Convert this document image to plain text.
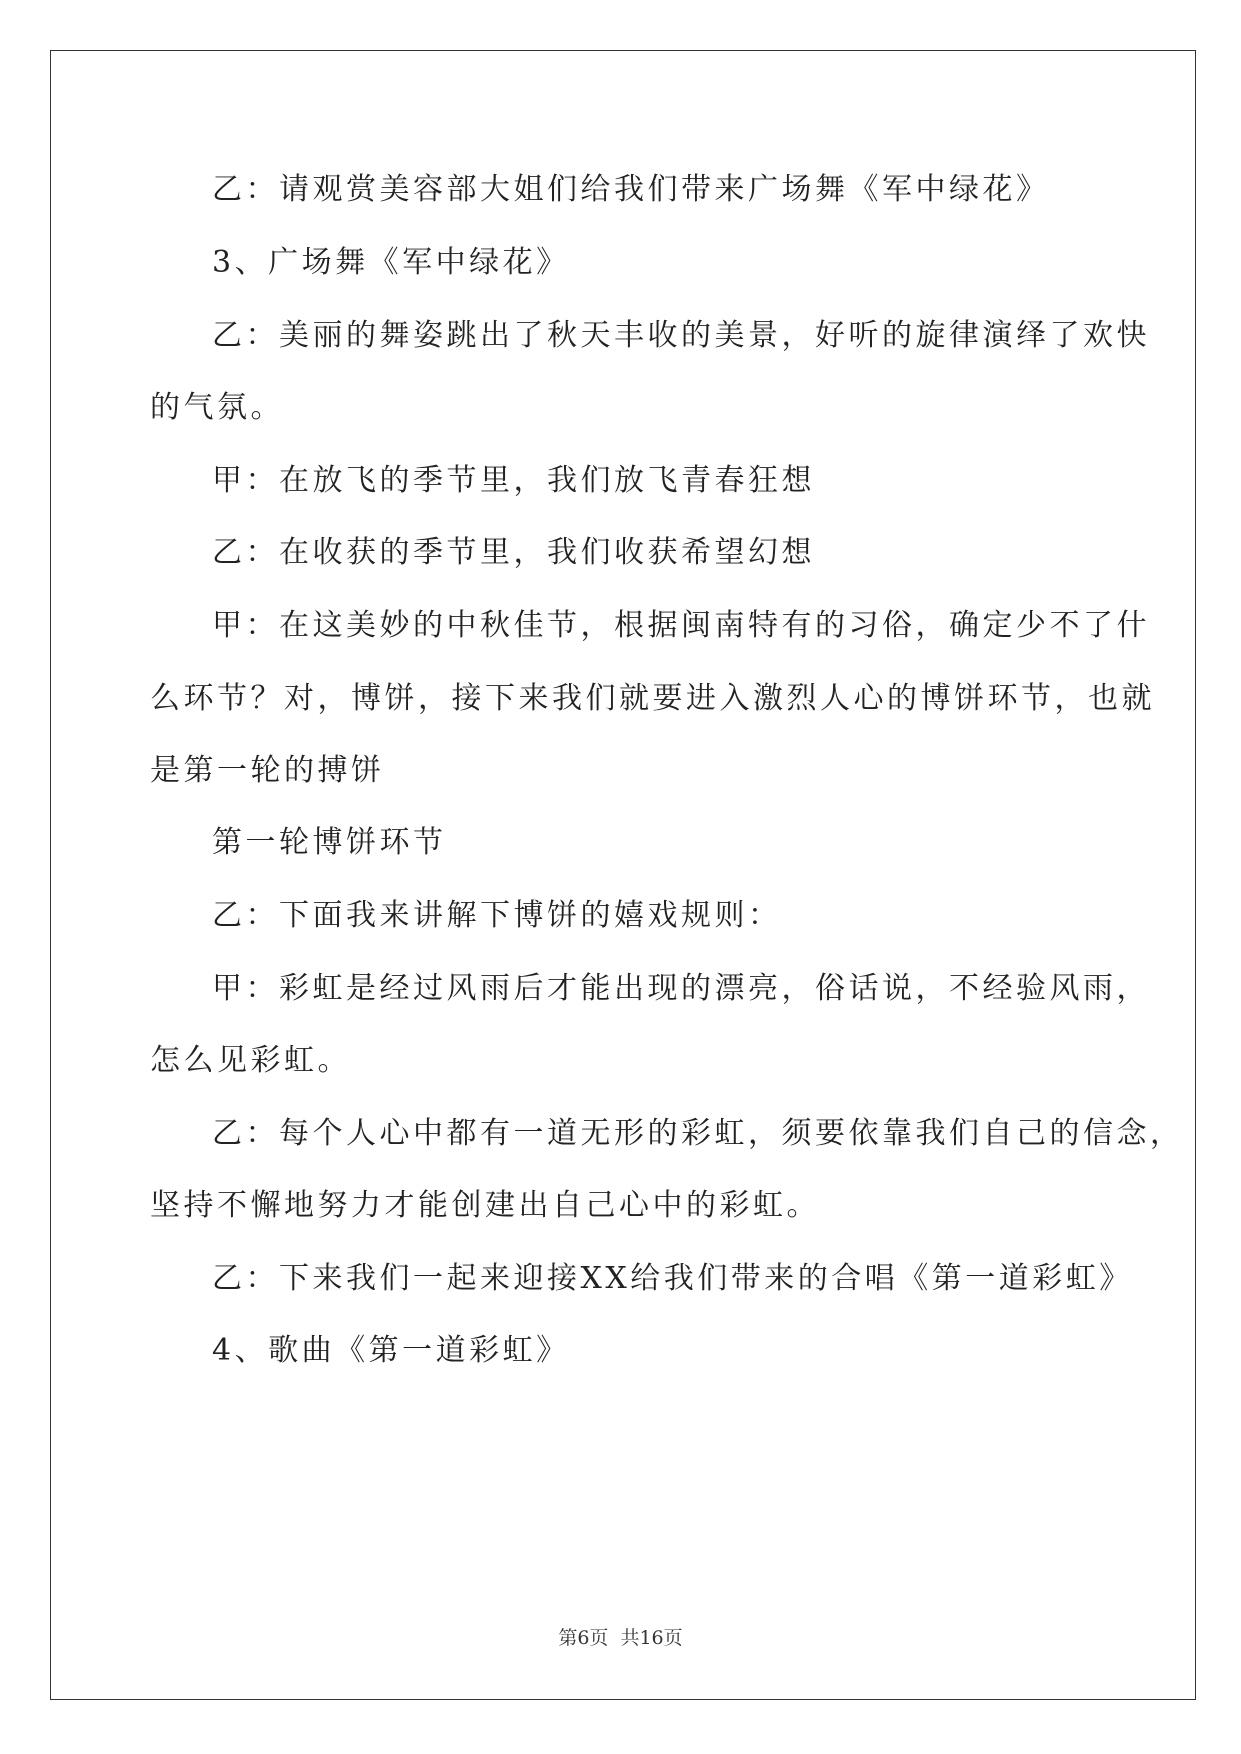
乙：请观赏美容部大姐们给我们带来广场舞《军中绿花》
3、广场舞《军中绿花》
乙：美丽的舞姿跳出了秋天丰收的美景，好听的旋律演绎了欢快
的气氛。
甲：在放飞的季节里，我们放飞青春狂想
乙：在收获的季节里，我们收获希望幻想
甲：在这美妙的中秋佳节，根据闽南特有的习俗，确定少不了什
么环节？对，博饼，接下来我们就要进入激烈人心的博饼环节，也就
是第一轮的搏饼
第一轮博饼环节
乙：下面我来讲解下博饼的嬉戏规则：
甲：彩虹是经过风雨后才能出现的漂亮，俗话说，不经验风雨，
怎么见彩虹。
乙：每个人心中都有一道无形的彩虹，须要依靠我们自己的信念，
坚持不懈地努力才能创建出自己心中的彩虹。
乙：下来我们一起来迎接XX给我们带来的合唱《第一道彩虹》
4、歌曲《第一道彩虹》
第6页 共16页
